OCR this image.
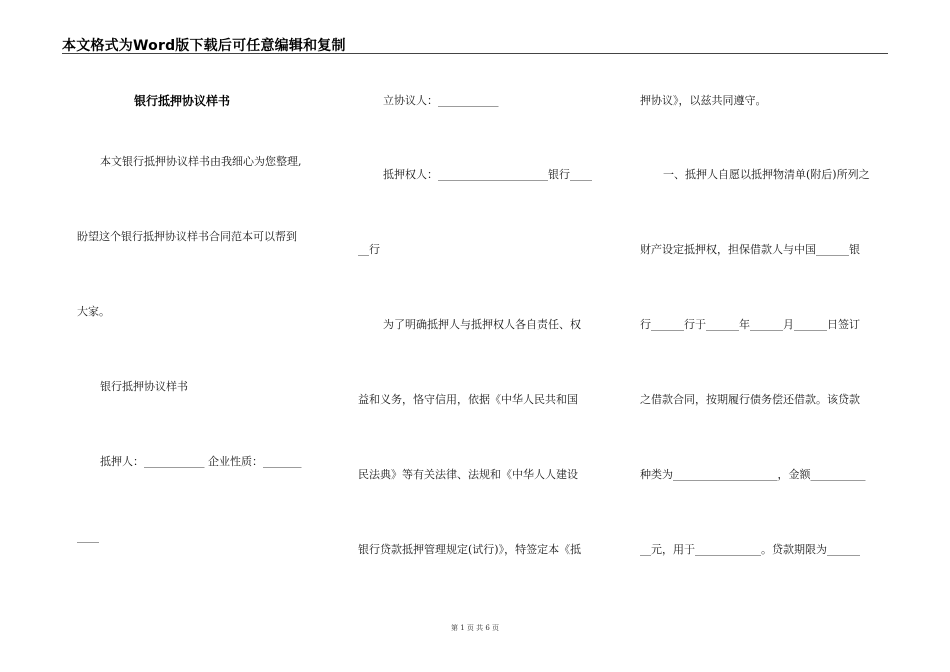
本文格式为Word版下载后可任意编辑和复制
银行抵押协议样书
本文银行抵押协议样书由我细心为您整理,
盼望这个银行抵押协议样书合同范本可以帮到
大家。
银行抵押协议样书
抵押人：___________ 企业性质：_______
____
立协议人：___________
抵押权人：____________________银行____
__行
为了明确抵押人与抵押权人各自责任、权
益和义务，恪守信用，依据《中华人民共和国
民法典》等有关法律、法规和《中华人人建设
银行贷款抵押管理规定(试行)》，特签定本《抵
押协议》，以兹共同遵守。
一、抵押人自愿以抵押物清单(附后)所列之
财产设定抵押权，担保借款人与中国______银
行______行于______年______月______日签订
之借款合同，按期履行债务偿还借款。该贷款
种类为___________________，金额__________
__元，用于____________。贷款期限为______
第 1 页 共 6 页
